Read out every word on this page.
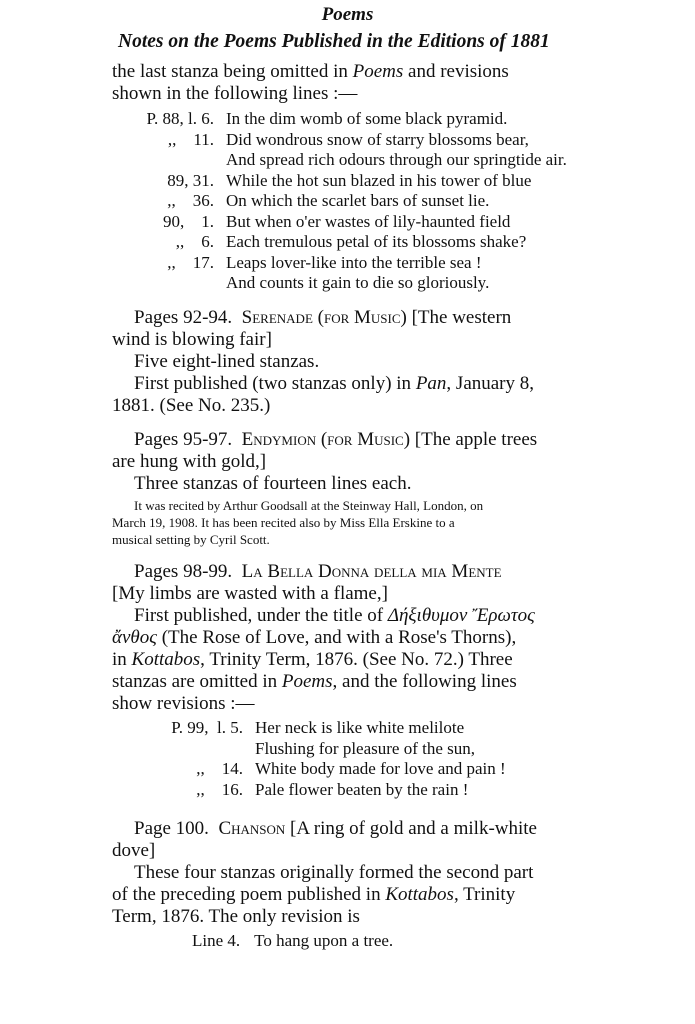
Poems
Notes on the Poems Published in the Editions of 1881
the last stanza being omitted in Poems and revisions
shown in the following lines :—
P. 88, l. 6. In the dim womb of some black pyramid.
,,    11. Did wondrous snow of starry blossoms bear,
And spread rich odours through our springtide air.
89, 31. While the hot sun blazed in his tower of blue
,,    36. On which the scarlet bars of sunset lie.
90,    1. But when o'er wastes of lily-haunted field
,,    6. Each tremulous petal of its blossoms shake?
,,    17. Leaps lover-like into the terrible sea !
And counts it gain to die so gloriously.
Pages 92-94. Serenade (for Music) [The western
wind is blowing fair]
Five eight-lined stanzas.
First published (two stanzas only) in Pan, January 8,
1881. (See No. 235.)
Pages 95-97. Endymion (for Music) [The apple trees
are hung with gold,]
Three stanzas of fourteen lines each.
It was recited by Arthur Goodsall at the Steinway Hall, London, on
March 19, 1908. It has been recited also by Miss Ella Erskine to a
musical setting by Cyril Scott.
Pages 98-99. La Bella Donna della mia Mente
[My limbs are wasted with a flame,]
First published, under the title of Δήξιθυμον Ἔρωτος
ἄνθος (The Rose of Love, and with a Rose's Thorns),
in Kottabos, Trinity Term, 1876. (See No. 72.) Three
stanzas are omitted in Poems, and the following lines
show revisions :—
P. 99,  l. 5. Her neck is like white melilote
Flushing for pleasure of the sun,
,,    14. White body made for love and pain !
,,    16. Pale flower beaten by the rain !
Page 100. Chanson [A ring of gold and a milk-white
dove]
These four stanzas originally formed the second part
of the preceding poem published in Kottabos, Trinity
Term, 1876. The only revision is
Line 4. To hang upon a tree.
